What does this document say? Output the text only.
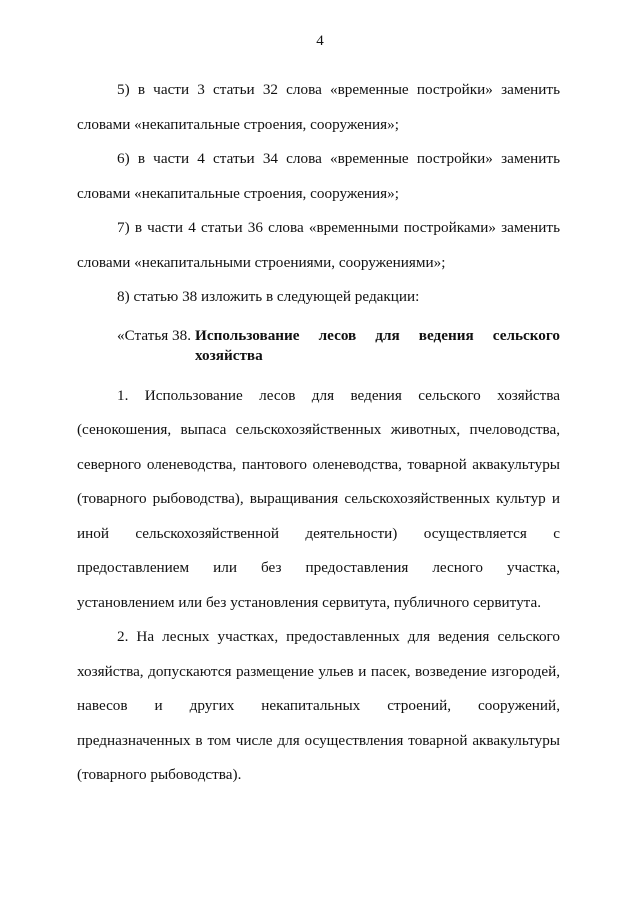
4

5) в части 3 статьи 32 слова «временные постройки» заменить словами «некапитальные строения, сооружения»;

6) в части 4 статьи 34 слова «временные постройки» заменить словами «некапитальные строения, сооружения»;

7) в части 4 статьи 36 слова «временными постройками» заменить словами «некапитальными строениями, сооружениями»;

8) статью 38 изложить в следующей редакции:

«Статья 38. Использование лесов для ведения сельского хозяйства

1. Использование лесов для ведения сельского хозяйства (сенокошения, выпаса сельскохозяйственных животных, пчеловодства, северного оленеводства, пантового оленеводства, товарной аквакультуры (товарного рыбоводства), выращивания сельскохозяйственных культур и иной сельскохозяйственной деятельности) осуществляется с предоставлением или без предоставления лесного участка, установлением или без установления сервитута, публичного сервитута.

2. На лесных участках, предоставленных для ведения сельского хозяйства, допускаются размещение ульев и пасек, возведение изгородей, навесов и других некапитальных строений, сооружений, предназначенных в том числе для осуществления товарной аквакультуры (товарного рыбоводства).
